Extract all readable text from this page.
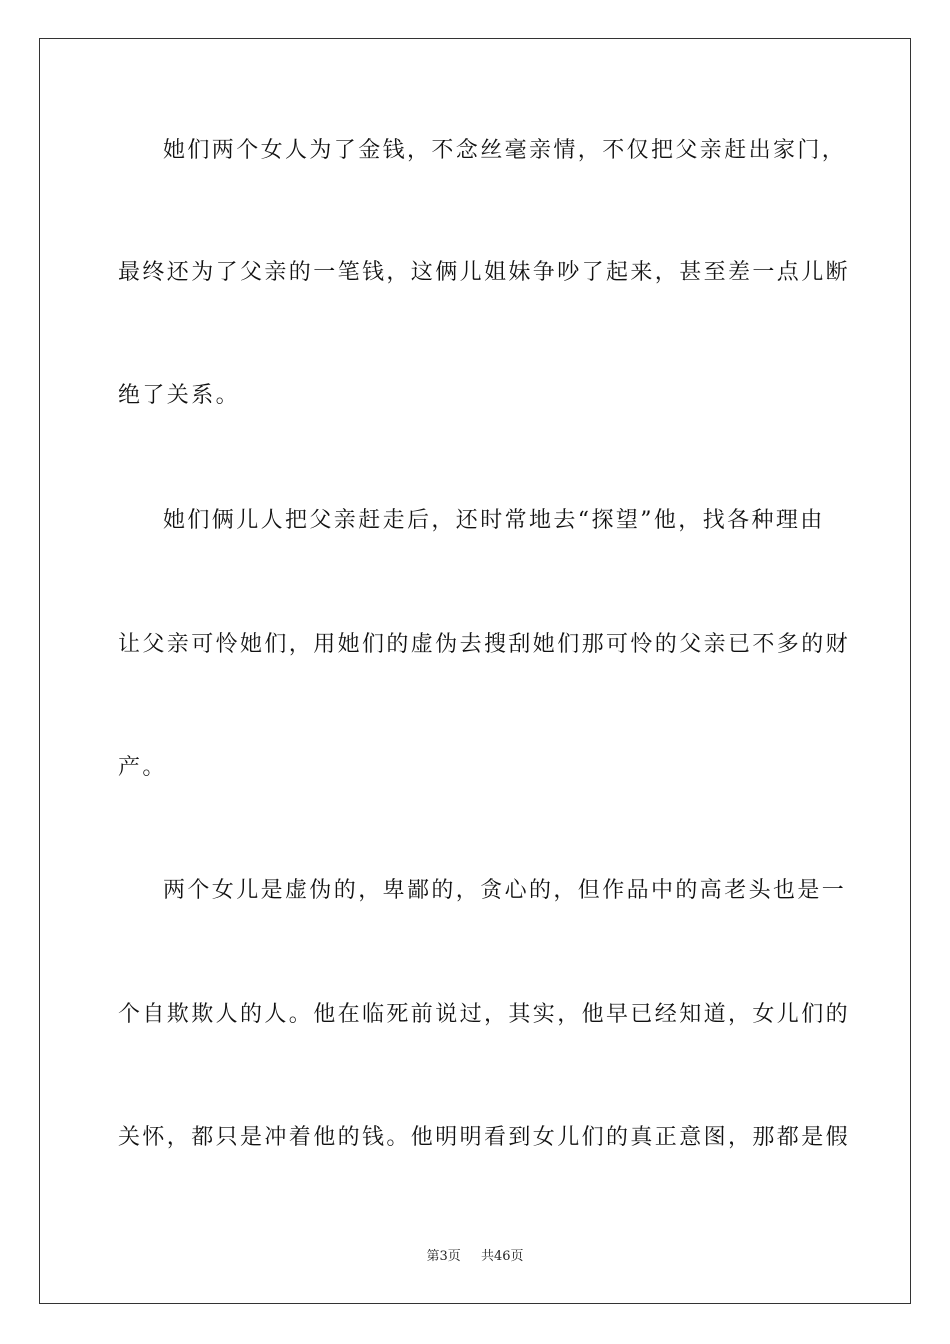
她们两个女人为了金钱，不念丝毫亲情，不仅把父亲赶出家门，
最终还为了父亲的一笔钱，这俩儿姐妹争吵了起来，甚至差一点儿断
绝了关系。
她们俩儿人把父亲赶走后，还时常地去“探望”他，找各种理由
让父亲可怜她们，用她们的虚伪去搜刮她们那可怜的父亲已不多的财
产。
两个女儿是虚伪的，卑鄙的，贪心的，但作品中的高老头也是一
个自欺欺人的人。他在临死前说过，其实，他早已经知道，女儿们的
关怀，都只是冲着他的钱。他明明看到女儿们的真正意图，那都是假
第3页 共46页
